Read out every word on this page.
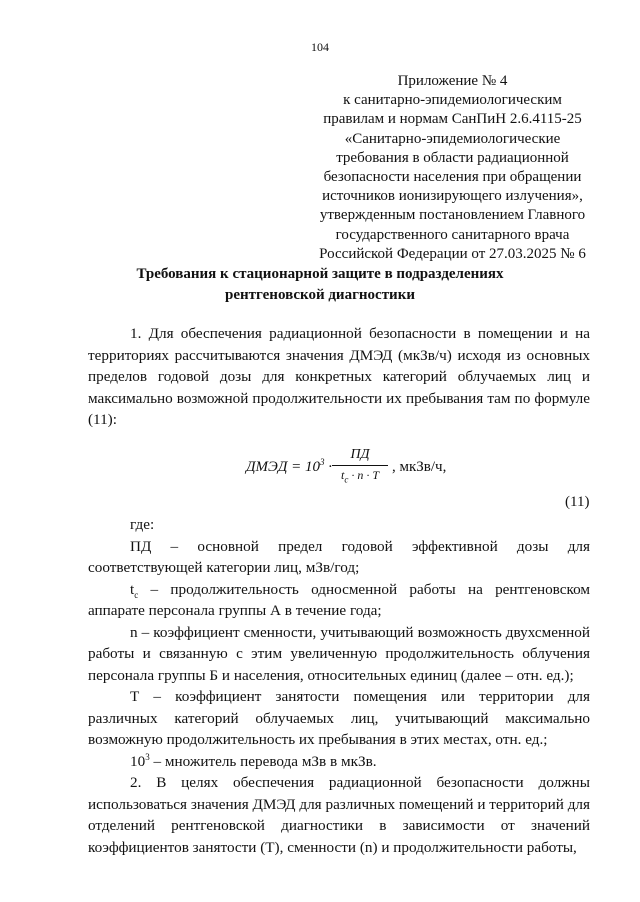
104
Приложение № 4
к санитарно-эпидемиологическим
правилам и нормам СанПиН 2.6.4115-25
«Санитарно-эпидемиологические
требования в области радиационной
безопасности населения при обращении
источников ионизирующего излучения»,
утвержденным постановлением Главного
государственного санитарного врача
Российской Федерации от 27.03.2025 № 6
Требования к стационарной защите в подразделениях
рентгеновской диагностики

1. Для обеспечения радиационной безопасности в помещении и на территориях рассчитываются значения ДМЭД (мкЗв/ч) исходя из основных пределов годовой дозы для конкретных категорий облучаемых лиц и максимально возможной продолжительности их пребывания там по формуле (11):

ДМЭД = $10^3$ ·
ПД
$t_c \cdot n \cdot T$ , мкЗв/ч,
(11)

где:

ПД – основной предел годовой эффективной дозы для соответствующей категории лиц, мЗв/год;

$t_c$ – продолжительность односменной работы на рентгеновском аппарате персонала группы А в течение года;

n – коэффициент сменности, учитывающий возможность двухсменной работы и связанную с этим увеличенную продолжительность облучения персонала группы Б и населения, относительных единиц (далее – отн. ед.);

Т – коэффициент занятости помещения или территории для различных категорий облучаемых лиц, учитывающий максимально возможную продолжительность их пребывания в этих местах, отн. ед.;

$10^3$ – множитель перевода мЗв в мкЗв.

2. В целях обеспечения радиационной безопасности должны использоваться значения ДМЭД для различных помещений и территорий для отделений рентгеновской диагностики в зависимости от значений коэффициентов занятости (Т), сменности (n) и продолжительности работы,
